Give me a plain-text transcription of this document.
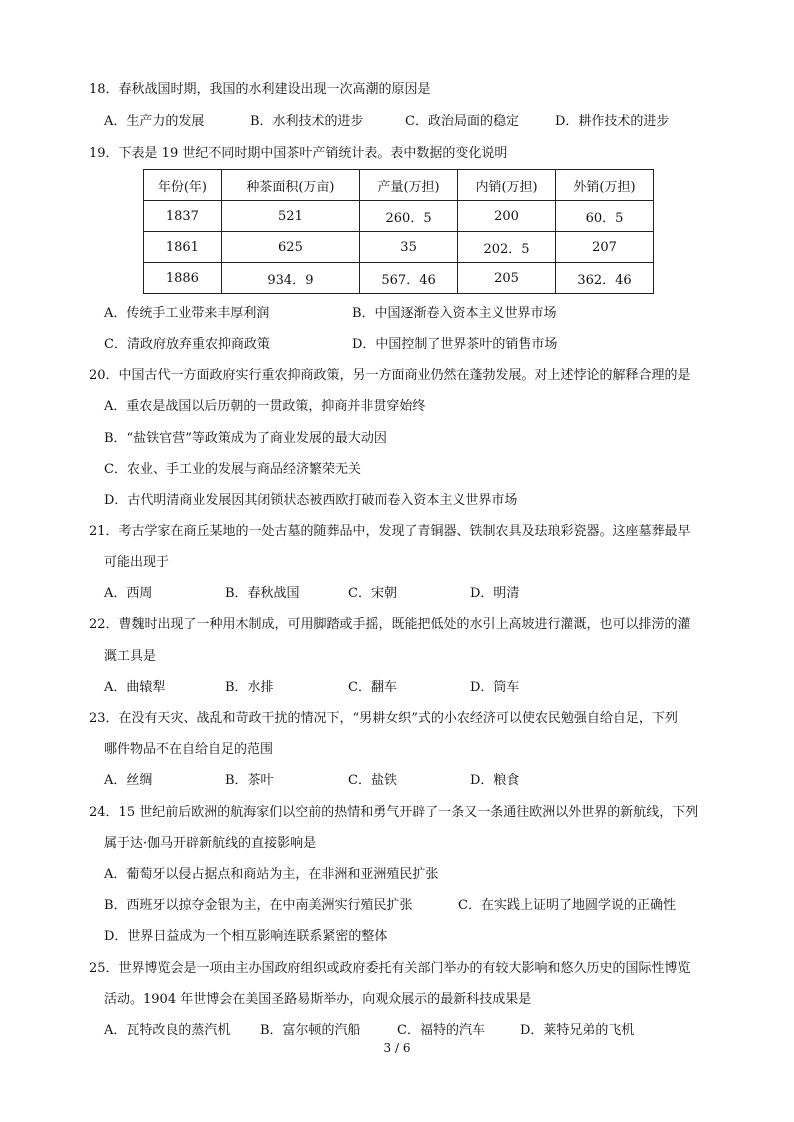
18．春秋战国时期，我国的水利建设出现一次高潮的原因是
A．生产力的发展	B．水利技术的进步	C．政治局面的稳定	D．耕作技术的进步
19．下表是 19 世纪不同时期中国茶叶产销统计表。表中数据的变化说明
年份(年)	种茶面积(万亩)	产量(万担)	内销(万担)	外销(万担)
1837	521	260．5	200	60．5
1861	625	35	202．5	207
1886	934．9	567．46	205	362．46
A．传统手工业带来丰厚利润	B．中国逐渐卷入资本主义世界市场
C．清政府放弃重农抑商政策	D．中国控制了世界茶叶的销售市场
20．中国古代一方面政府实行重农抑商政策，另一方面商业仍然在蓬勃发展。对上述悖论的解释合理的是
A．重农是战国以后历朝的一贯政策，抑商并非贯穿始终
B．“盐铁官营”等政策成为了商业发展的最大动因
C．农业、手工业的发展与商品经济繁荣无关
D．古代明清商业发展因其闭锁状态被西欧打破而卷入资本主义世界市场
21．考古学家在商丘某地的一处古墓的随葬品中，发现了青铜器、铁制农具及珐琅彩瓷器。这座墓葬最早
可能出现于
A．西周	B．春秋战国	C．宋朝	D．明清
22．曹魏时出现了一种用木制成，可用脚踏或手摇，既能把低处的水引上高坡进行灌溉，也可以排涝的灌
溉工具是
A．曲辕犁	B．水排	C．翻车	D．筒车
23．在没有天灾、战乱和苛政干扰的情况下，“男耕女织”式的小农经济可以使农民勉强自给自足，下列
哪件物品不在自给自足的范围
A．丝绸	B．茶叶	C．盐铁	D．粮食
24．15 世纪前后欧洲的航海家们以空前的热情和勇气开辟了一条又一条通往欧洲以外世界的新航线，下列
属于达·伽马开辟新航线的直接影响是
A．葡萄牙以侵占据点和商站为主，在非洲和亚洲殖民扩张
B．西班牙以掠夺金银为主，在中南美洲实行殖民扩张	C．在实践上证明了地圆学说的正确性
D．世界日益成为一个相互影响连联系紧密的整体
25．世界博览会是一项由主办国政府组织或政府委托有关部门举办的有较大影响和悠久历史的国际性博览
活动。1904 年世博会在美国圣路易斯举办，向观众展示的最新科技成果是
A．瓦特改良的蒸汽机 B．富尔顿的汽船	C．福特的汽车	D．莱特兄弟的飞机
3 / 6
